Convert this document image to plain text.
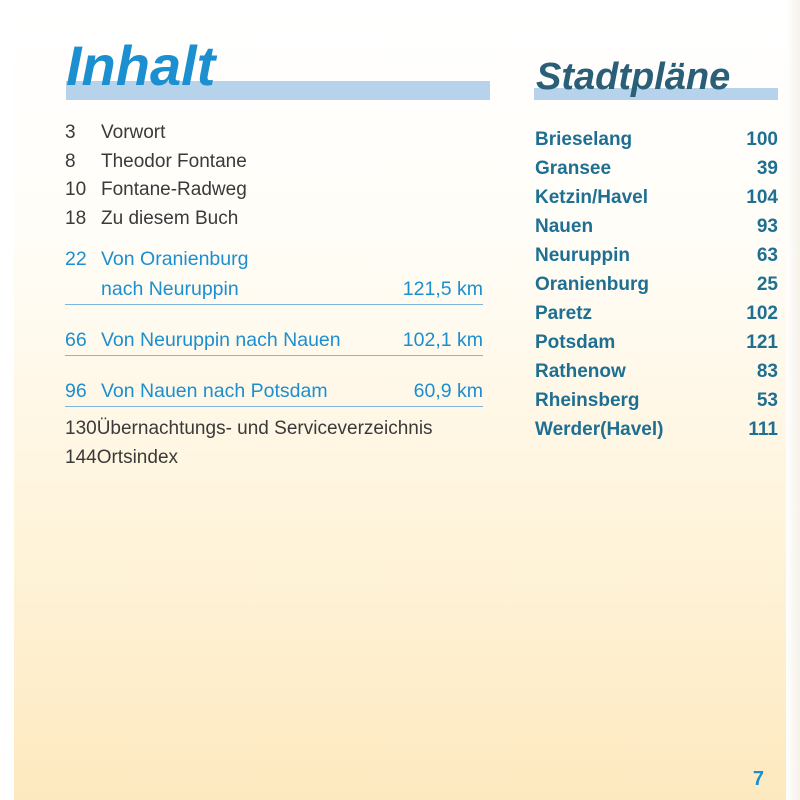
Inhalt
3 Vorwort
8 Theodor Fontane
10 Fontane-Radweg
18 Zu diesem Buch
22 Von Oranienburg
nach Neuruppin	121,5 km
66 Von Neuruppin nach Nauen	102,1 km
96 Von Nauen nach Potsdam	60,9 km
130Übernachtungs- und Serviceverzeichnis
144Ortsindex
Stadtpläne
Brieselang	100
Gransee	39
Ketzin/Havel	104
Nauen	93
Neuruppin	63
Oranienburg	25
Paretz	102
Potsdam	121
Rathenow	83
Rheinsberg	53
Werder(Havel)	111
7
